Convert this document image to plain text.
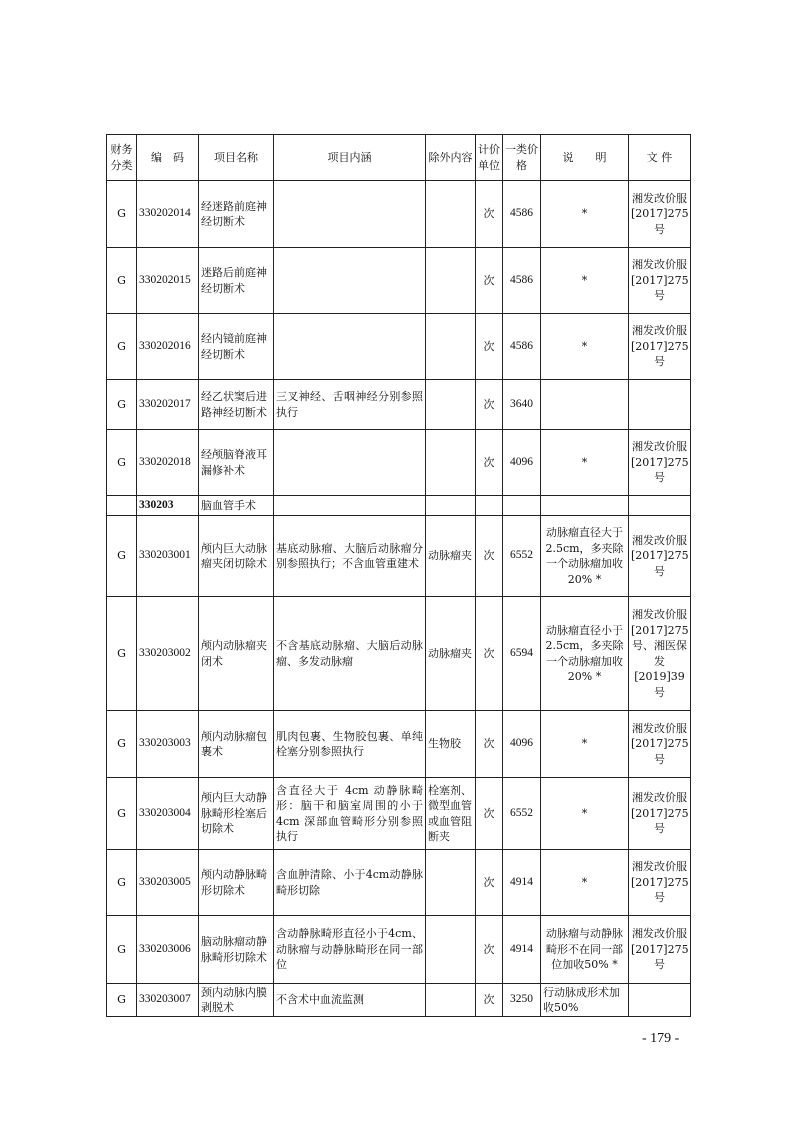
财务分类	编　码	项目名称	项目内涵	除外内容	计价单位	一类价格	说　　明	文 件
G	330202014	经迷路前庭神经切断术			次	4586	*	湘发改价服[2017]275号
G	330202015	迷路后前庭神经切断术			次	4586	*	湘发改价服[2017]275号
G	330202016	经内镜前庭神经切断术			次	4586	*	湘发改价服[2017]275号
G	330202017	经乙状窦后进路神经切断术	三叉神经、舌咽神经分别参照执行		次	3640		
G	330202018	经颅脑脊液耳漏修补术			次	4096	*	湘发改价服[2017]275号
	330203	脑血管手术						
G	330203001	颅内巨大动脉瘤夹闭切除术	基底动脉瘤、大脑后动脉瘤分别参照执行；不含血管重建术	动脉瘤夹	次	6552	动脉瘤直径大于2.5cm，多夹除一个动脉瘤加收20% *	湘发改价服[2017]275号
G	330203002	颅内动脉瘤夹闭术	不含基底动脉瘤、大脑后动脉瘤、多发动脉瘤	动脉瘤夹	次	6594	动脉瘤直径小于2.5cm，多夹除一个动脉瘤加收20% *	湘发改价服[2017]275号、湘医保发[2019]39号
G	330203003	颅内动脉瘤包裹术	肌肉包裹、生物胶包裹、单纯栓塞分别参照执行	生物胶	次	4096	*	湘发改价服[2017]275号
G	330203004	颅内巨大动静脉畸形栓塞后切除术	含直径大于 4cm 动静脉畸形：脑干和脑室周围的小于4cm 深部血管畸形分别参照执行	栓塞剂、微型血管或血管阻断夹	次	6552	*	湘发改价服[2017]275号
G	330203005	颅内动静脉畸形切除术	含血肿清除、小于4cm动静脉畸形切除		次	4914	*	湘发改价服[2017]275号
G	330203006	脑动脉瘤动静脉畸形切除术	含动静脉畸形直径小于4cm、动脉瘤与动静脉畸形在同一部位		次	4914	动脉瘤与动静脉畸形不在同一部位加收50% *	湘发改价服[2017]275号
G	330203007	颈内动脉内膜剥脱术	不含术中血流监测		次	3250	行动脉成形术加收50%	
- 179 -
